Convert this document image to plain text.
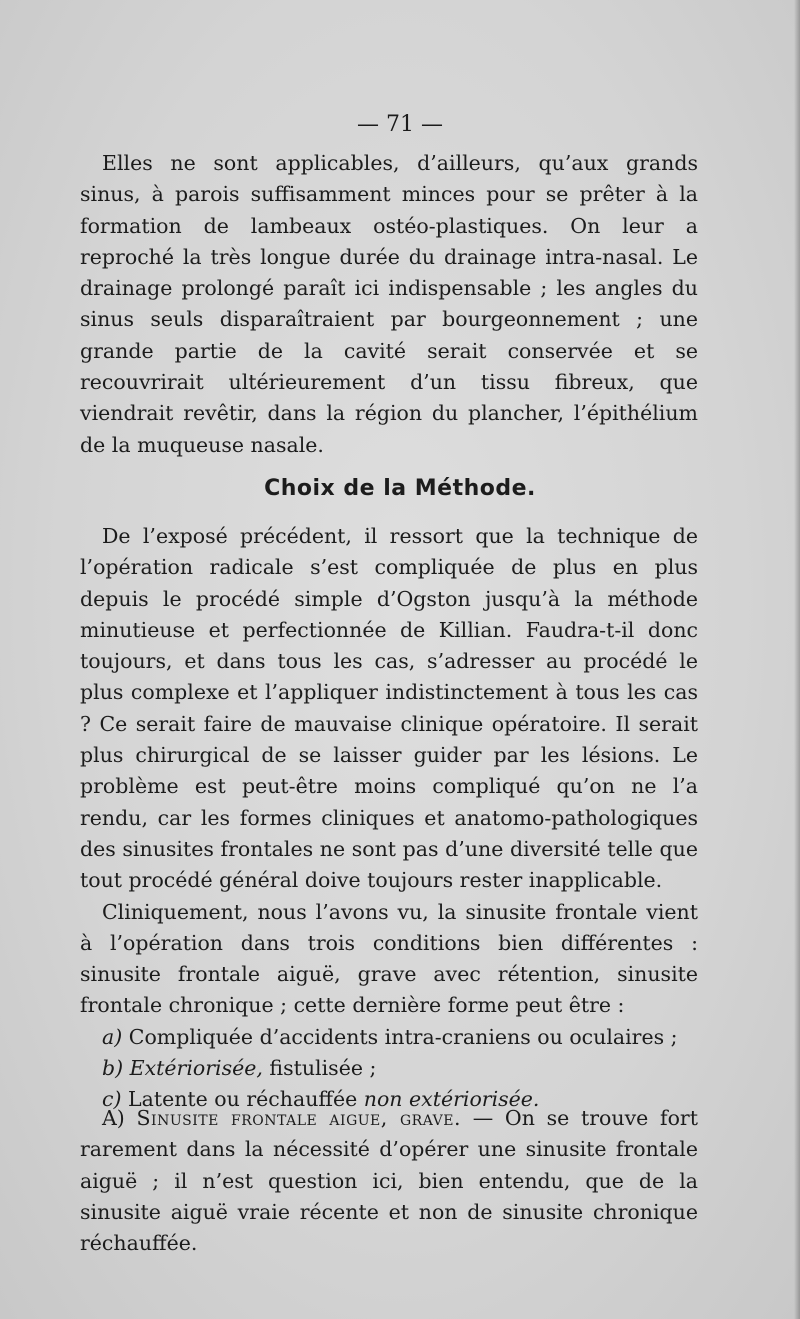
— 71 —

Elles ne sont applicables, d’ailleurs, qu’aux grands sinus, à parois suffisamment minces pour se prêter à la formation de lambeaux ostéo-plastiques. On leur a reproché la très longue durée du drainage intra-nasal. Le drainage prolongé paraît ici indispensable ; les angles du sinus seuls disparaîtraient par bourgeonnement ; une grande partie de la cavité serait conservée et se recouvrirait ultérieurement d’un tissu fibreux, que viendrait revêtir, dans la région du plancher, l’épithélium de la muqueuse nasale.

Choix de la Méthode.

De l’exposé précédent, il ressort que la technique de l’opération radicale s’est compliquée de plus en plus depuis le procédé simple d’Ogston jusqu’à la méthode minutieuse et perfectionnée de Killian. Faudra-t-il donc toujours, et dans tous les cas, s’adresser au procédé le plus complexe et l’appliquer indistinctement à tous les cas ? Ce serait faire de mauvaise clinique opératoire. Il serait plus chirurgical de se laisser guider par les lésions. Le problème est peut-être moins compliqué qu’on ne l’a rendu, car les formes cliniques et anatomo-pathologiques des sinusites frontales ne sont pas d’une diversité telle que tout procédé général doive toujours rester inapplicable.

Cliniquement, nous l’avons vu, la sinusite frontale vient à l’opération dans trois conditions bien différentes : sinusite frontale aiguë, grave avec rétention, sinusite frontale chronique ; cette dernière forme peut être :

a) Compliquée d’accidents intra-craniens ou oculaires ;

b) Extériorisée, fistulisée ;

c) Latente ou réchauffée non extériorisée.

A) Sinusite frontale aigue, grave. — On se trouve fort rarement dans la nécessité d’opérer une sinusite frontale aiguë ; il n’est question ici, bien entendu, que de la sinusite aiguë vraie récente et non de sinusite chronique réchauffée.
